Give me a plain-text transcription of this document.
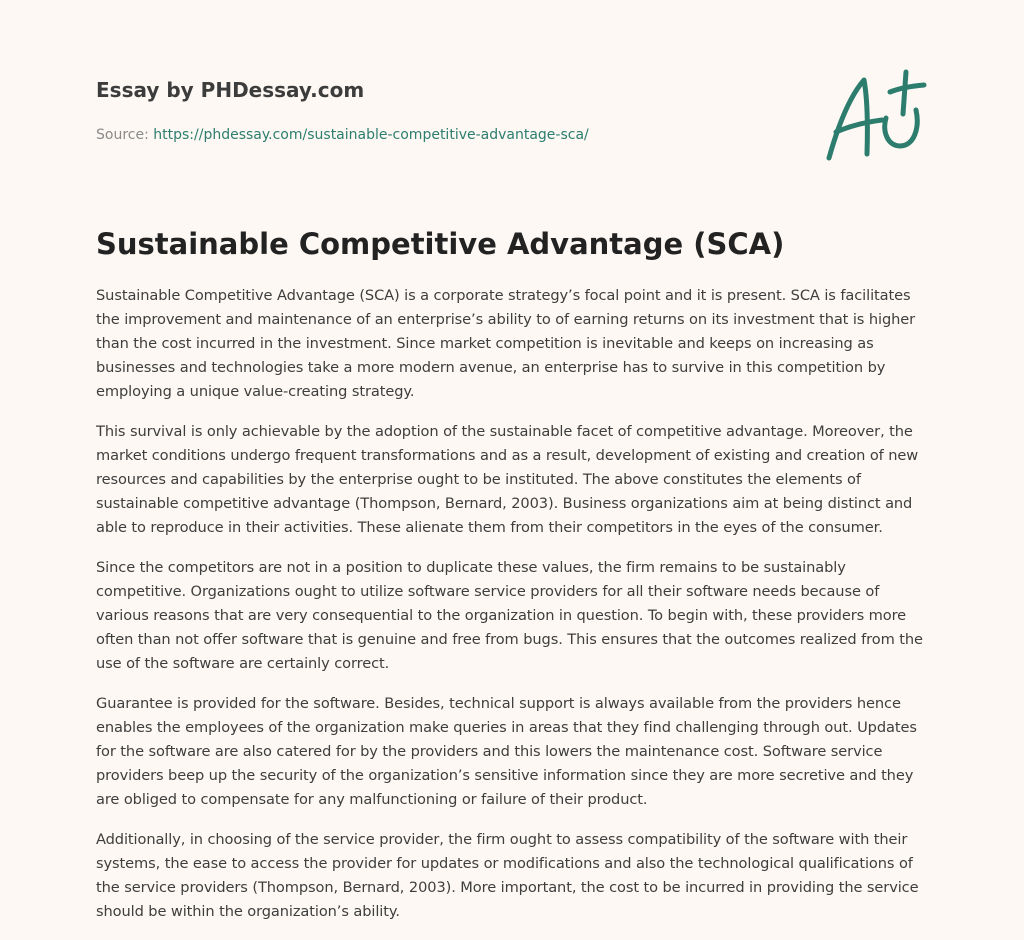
Essay by PHDessay.com
Source: https://phdessay.com/sustainable-competitive-advantage-sca/
Sustainable Competitive Advantage (SCA)

Sustainable Competitive Advantage (SCA) is a corporate strategy’s focal point and it is present. SCA is facilitates the improvement and maintenance of an enterprise’s ability to of earning returns on its investment that is higher than the cost incurred in the investment. Since market competition is inevitable and keeps on increasing as businesses and technologies take a more modern avenue, an enterprise has to survive in this competition by employing a unique value-creating strategy.

This survival is only achievable by the adoption of the sustainable facet of competitive advantage. Moreover, the market conditions undergo frequent transformations and as a result, development of existing and creation of new resources and capabilities by the enterprise ought to be instituted. The above constitutes the elements of sustainable competitive advantage (Thompson, Bernard, 2003). Business organizations aim at being distinct and able to reproduce in their activities. These alienate them from their competitors in the eyes of the consumer.

Since the competitors are not in a position to duplicate these values, the firm remains to be sustainably competitive. Organizations ought to utilize software service providers for all their software needs because of various reasons that are very consequential to the organization in question. To begin with, these providers more often than not offer software that is genuine and free from bugs. This ensures that the outcomes realized from the use of the software are certainly correct.

Guarantee is provided for the software. Besides, technical support is always available from the providers hence enables the employees of the organization make queries in areas that they find challenging through out. Updates for the software are also catered for by the providers and this lowers the maintenance cost. Software service providers beep up the security of the organization’s sensitive information since they are more secretive and they are obliged to compensate for any malfunctioning or failure of their product.

Additionally, in choosing of the service provider, the firm ought to assess compatibility of the software with their systems, the ease to access the provider for updates or modifications and also the technological qualifications of the service providers (Thompson, Bernard, 2003). More important, the cost to be incurred in providing the service should be within the organization’s ability.
